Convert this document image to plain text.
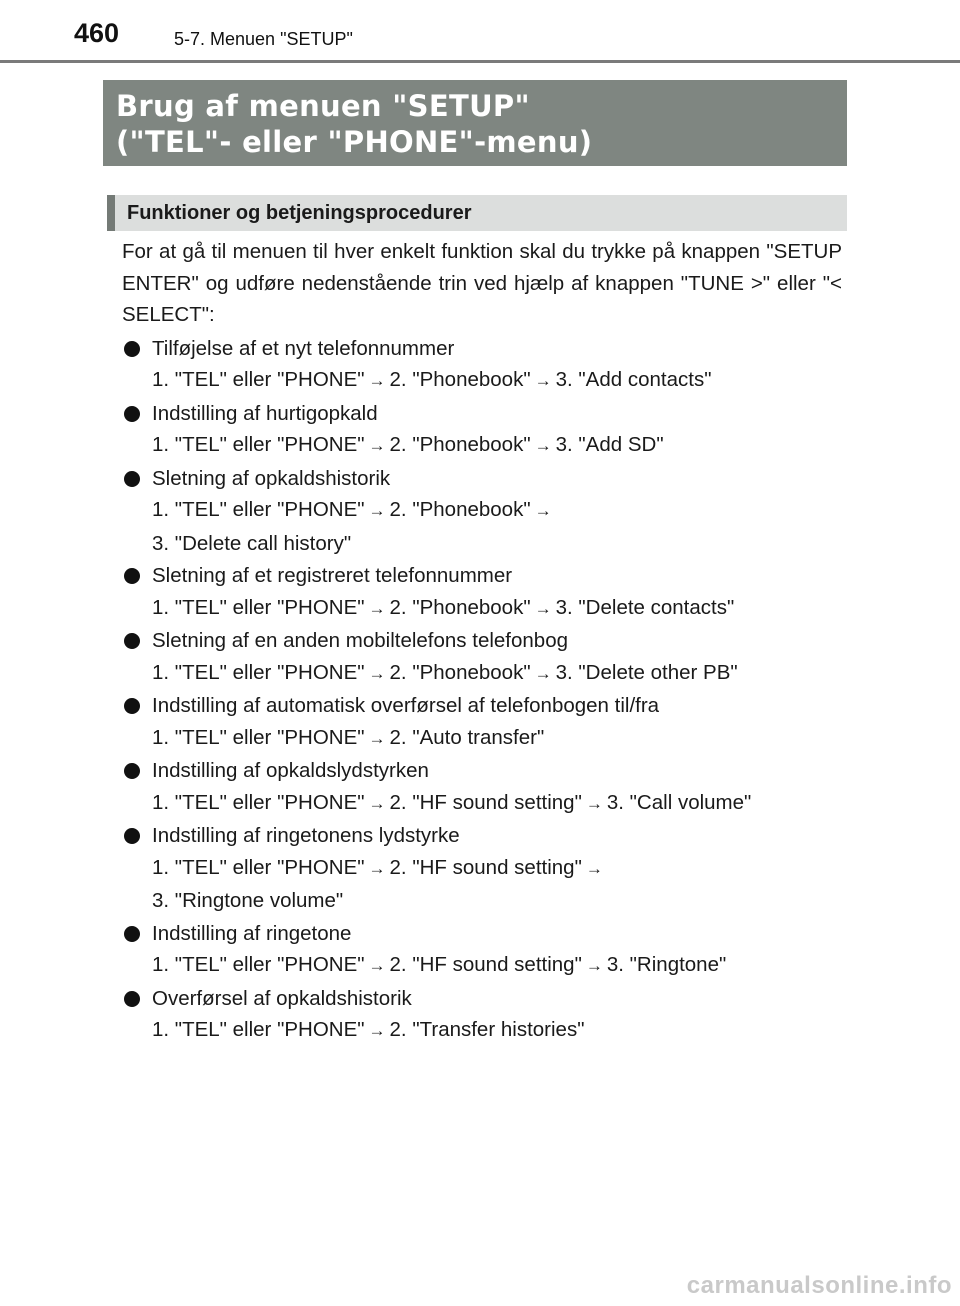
460	5-7. Menuen "SETUP"
Brug af menuen "SETUP"
("TEL"- eller "PHONE"-menu)
Funktioner og betjeningsprocedurer

For at gå til menuen til hver enkelt funktion skal du trykke på knappen "SETUP ENTER" og udføre nedenstående trin ved hjælp af knappen "TUNE >" eller "< SELECT":

Tilføjelse af et nyt telefonnummer
1. "TEL" eller "PHONE" → 2. "Phonebook" → 3. "Add contacts"
Indstilling af hurtigopkald
1. "TEL" eller "PHONE" → 2. "Phonebook" → 3. "Add SD"
Sletning af opkaldshistorik
1. "TEL" eller "PHONE" → 2. "Phonebook" →
3. "Delete call history"
Sletning af et registreret telefonnummer
1. "TEL" eller "PHONE" → 2. "Phonebook" → 3. "Delete contacts"
Sletning af en anden mobiltelefons telefonbog
1. "TEL" eller "PHONE" → 2. "Phonebook" → 3. "Delete other PB"
Indstilling af automatisk overførsel af telefonbogen til/fra
1. "TEL" eller "PHONE" → 2. "Auto transfer"
Indstilling af opkaldslydstyrken
1. "TEL" eller "PHONE" → 2. "HF sound setting" → 3. "Call volume"
Indstilling af ringetonens lydstyrke
1. "TEL" eller "PHONE" → 2. "HF sound setting" →
3. "Ringtone volume"
Indstilling af ringetone
1. "TEL" eller "PHONE" → 2. "HF sound setting" → 3. "Ringtone"
Overførsel af opkaldshistorik
1. "TEL" eller "PHONE" → 2. "Transfer histories"
carmanualsonline.info
